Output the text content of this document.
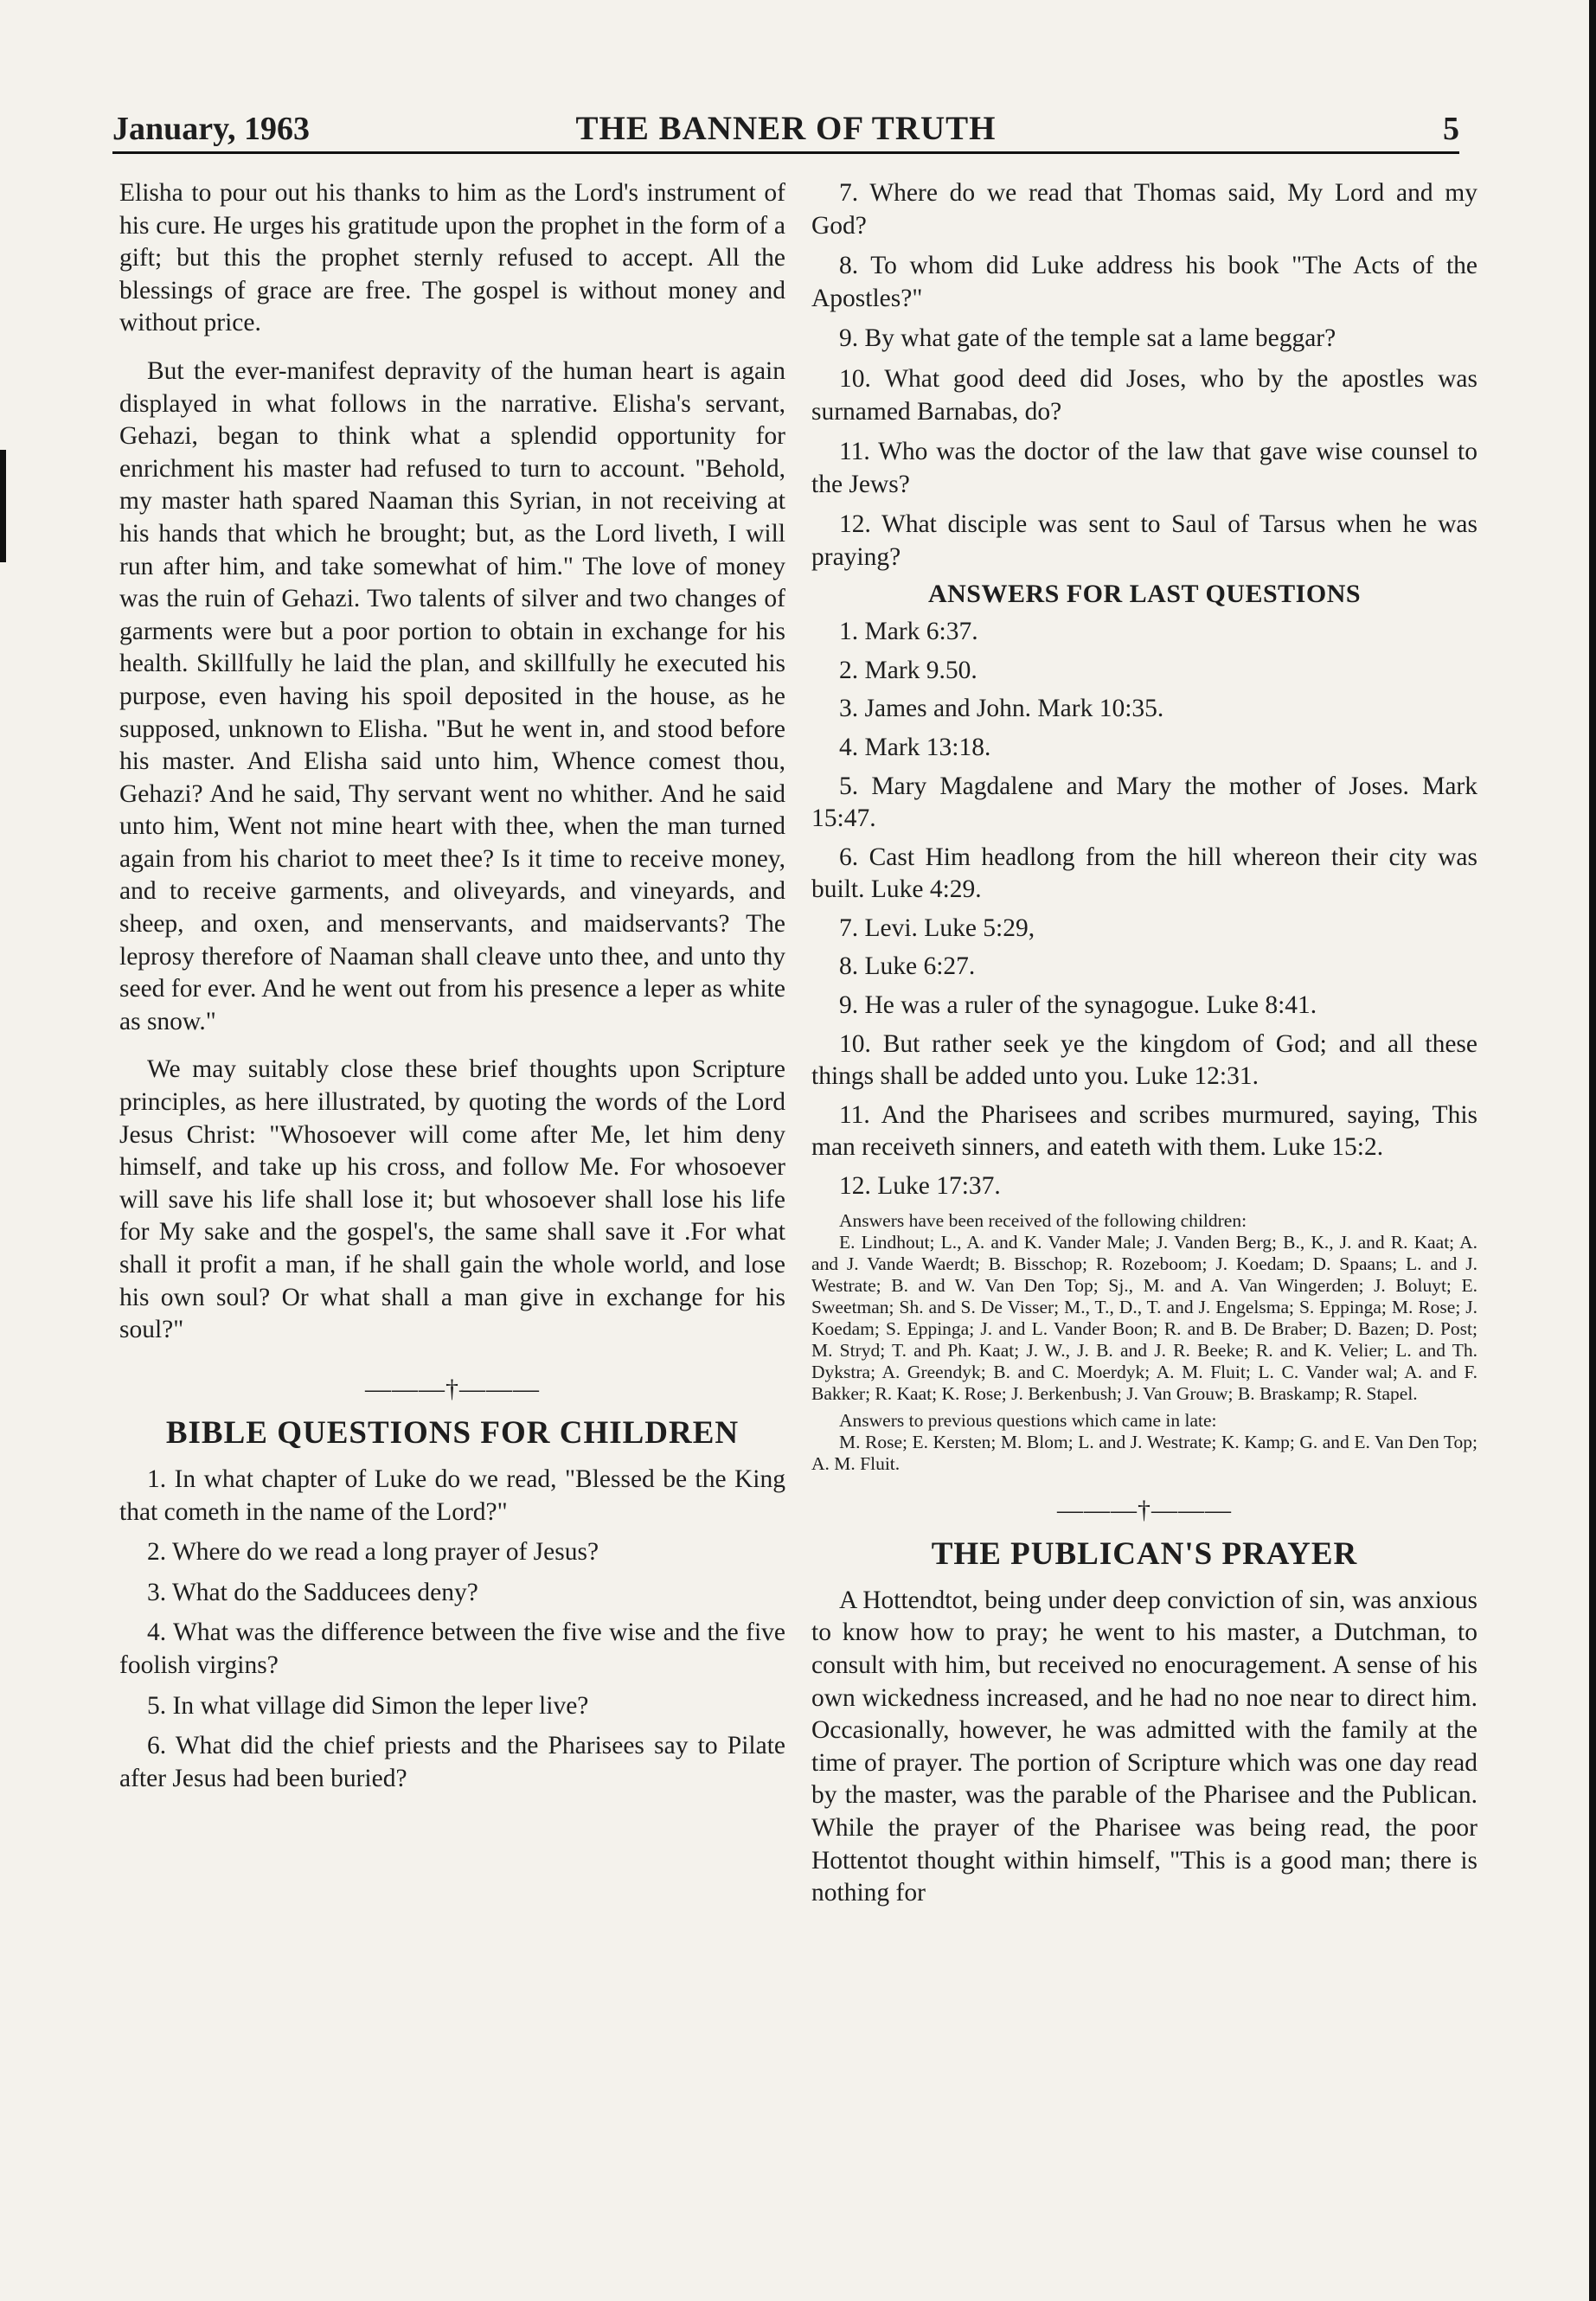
January, 1963	THE BANNER OF TRUTH	5

Elisha to pour out his thanks to him as the Lord's instrument of his cure. He urges his gratitude upon the prophet in the form of a gift; but this the prophet sternly refused to accept. All the blessings of grace are free. The gospel is without money and without price.

But the ever-manifest depravity of the human heart is again displayed in what follows in the narrative. Elisha's servant, Gehazi, began to think what a splendid opportunity for enrichment his master had refused to turn to account. "Behold, my master hath spared Naaman this Syrian, in not receiving at his hands that which he brought; but, as the Lord liveth, I will run after him, and take somewhat of him." The love of money was the ruin of Gehazi. Two talents of silver and two changes of garments were but a poor portion to obtain in exchange for his health. Skillfully he laid the plan, and skillfully he executed his purpose, even having his spoil deposited in the house, as he supposed, unknown to Elisha. "But he went in, and stood before his master. And Elisha said unto him, Whence comest thou, Gehazi? And he said, Thy servant went no whither. And he said unto him, Went not mine heart with thee, when the man turned again from his chariot to meet thee? Is it time to receive money, and to receive garments, and oliveyards, and vineyards, and sheep, and oxen, and menservants, and maidservants? The leprosy therefore of Naaman shall cleave unto thee, and unto thy seed for ever. And he went out from his presence a leper as white as snow."

We may suitably close these brief thoughts upon Scripture principles, as here illustrated, by quoting the words of the Lord Jesus Christ: "Whosoever will come after Me, let him deny himself, and take up his cross, and follow Me. For whosoever will save his life shall lose it; but whosoever shall lose his life for My sake and the gospel's, the same shall save it .For what shall it profit a man, if he shall gain the whole world, and lose his own soul? Or what shall a man give in exchange for his soul?"

———†———
BIBLE QUESTIONS FOR CHILDREN

1. In what chapter of Luke do we read, "Blessed be the King that cometh in the name of the Lord?"

2. Where do we read a long prayer of Jesus?

3. What do the Sadducees deny?

4. What was the difference between the five wise and the five foolish virgins?

5. In what village did Simon the leper live?

6. What did the chief priests and the Pharisees say to Pilate after Jesus had been buried?

7. Where do we read that Thomas said, My Lord and my God?

8. To whom did Luke address his book "The Acts of the Apostles?"

9. By what gate of the temple sat a lame beggar?

10. What good deed did Joses, who by the apostles was surnamed Barnabas, do?

11. Who was the doctor of the law that gave wise counsel to the Jews?

12. What disciple was sent to Saul of Tarsus when he was praying?

ANSWERS FOR LAST QUESTIONS

1. Mark 6:37.

2. Mark 9.50.

3. James and John. Mark 10:35.

4. Mark 13:18.

5. Mary Magdalene and Mary the mother of Joses. Mark 15:47.

6. Cast Him headlong from the hill whereon their city was built. Luke 4:29.

7. Levi. Luke 5:29,

8. Luke 6:27.

9. He was a ruler of the synagogue. Luke 8:41.

10. But rather seek ye the kingdom of God; and all these things shall be added unto you. Luke 12:31.

11. And the Pharisees and scribes murmured, saying, This man receiveth sinners, and eateth with them. Luke 15:2.

12. Luke 17:37.

Answers have been received of the following children:

E. Lindhout; L., A. and K. Vander Male; J. Vanden Berg; B., K., J. and R. Kaat; A. and J. Vande Waerdt; B. Bisschop; R. Rozeboom; J. Koedam; D. Spaans; L. and J. Westrate; B. and W. Van Den Top; Sj., M. and A. Van Wingerden; J. Boluyt; E. Sweetman; Sh. and S. De Visser; M., T., D., T. and J. Engelsma; S. Eppinga; M. Rose; J. Koedam; S. Eppinga; J. and L. Vander Boon; R. and B. De Braber; D. Bazen; D. Post; M. Stryd; T. and Ph. Kaat; J. W., J. B. and J. R. Beeke; R. and K. Velier; L. and Th. Dykstra; A. Greendyk; B. and C. Moerdyk; A. M. Fluit; L. C. Vander wal; A. and F. Bakker; R. Kaat; K. Rose; J. Berkenbush; J. Van Grouw; B. Braskamp; R. Stapel.

Answers to previous questions which came in late:

M. Rose; E. Kersten; M. Blom; L. and J. Westrate; K. Kamp; G. and E. Van Den Top; A. M. Fluit.

———†———
THE PUBLICAN'S PRAYER

A Hottendtot, being under deep conviction of sin, was anxious to know how to pray; he went to his master, a Dutchman, to consult with him, but received no enocuragement. A sense of his own wickedness increased, and he had no noe near to direct him. Occasionally, however, he was admitted with the family at the time of prayer. The portion of Scripture which was one day read by the master, was the parable of the Pharisee and the Publican. While the prayer of the Pharisee was being read, the poor Hottentot thought within himself, "This is a good man; there is nothing for
